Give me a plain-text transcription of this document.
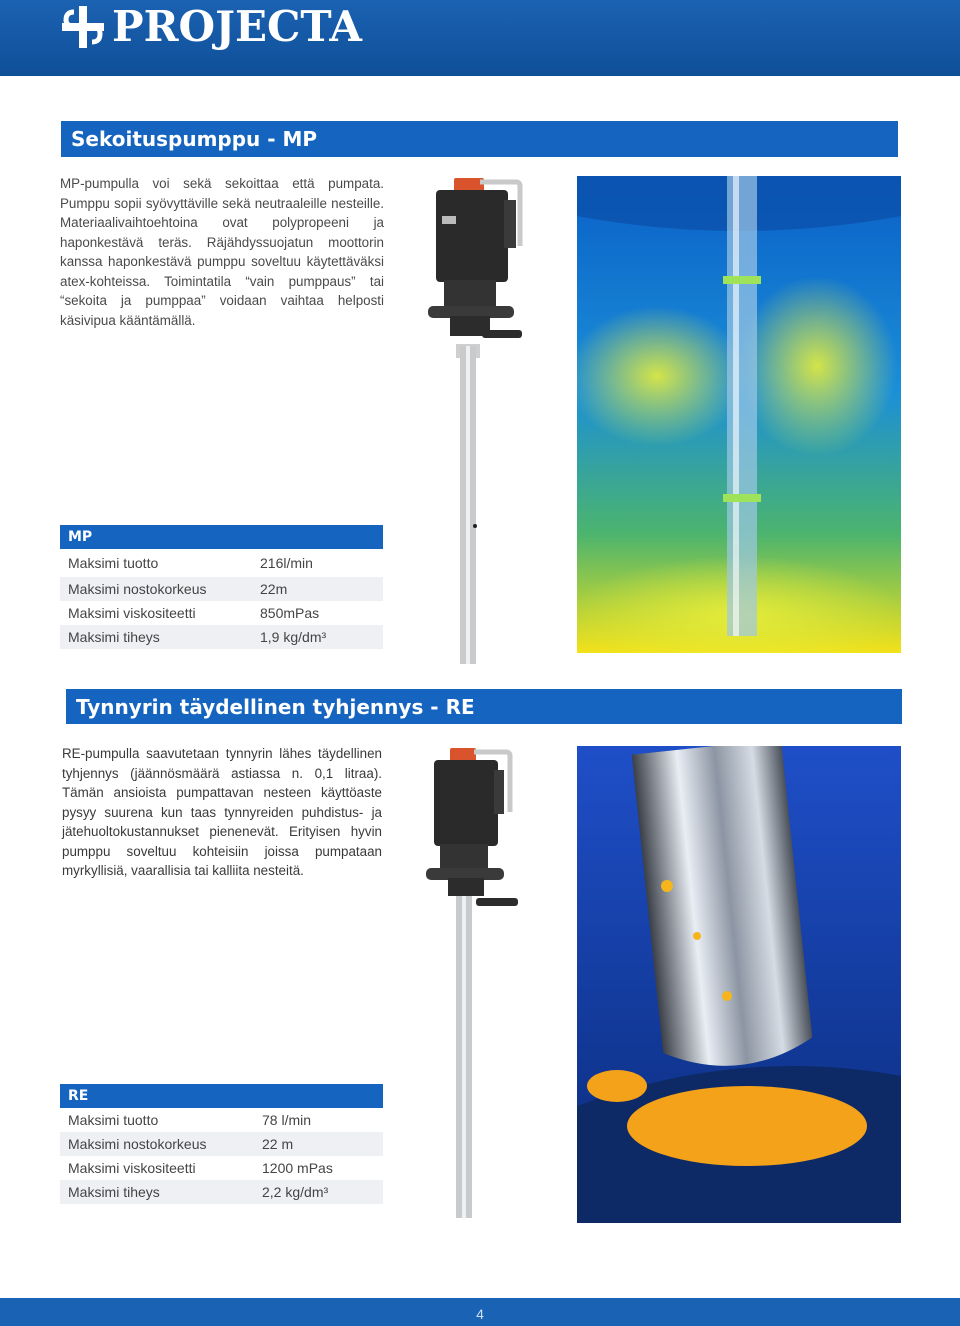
PROJECTA
Sekoituspumppu - MP
MP-pumpulla voi sekä sekoittaa että pumpata. Pumppu sopii syövyttäville sekä neutraaleille nesteille. Materiaalivaihtoehtoina ovat polypropeeni ja haponkestävä teräs. Räjähdyssuojatun moottorin kanssa haponkestävä pumppu soveltuu käytettäväksi atex-kohteissa. Toimintatila “vain pumppaus” tai “sekoita ja pumppaa” voidaan vaihtaa helposti käsivipua kääntämällä.
MP
Maksimi tuotto	216l/min
Maksimi nostokorkeus	22m
Maksimi viskositeetti	850mPas
Maksimi tiheys	1,9 kg/dm³
Tynnyrin täydellinen tyhjennys - RE
RE-pumpulla saavutetaan tynnyrin lähes täydellinen tyhjennys (jäännösmäärä astiassa n. 0,1 litraa). Tämän ansioista pumpattavan nesteen käyttöaste pysyy suurena kun taas tynnyreiden puhdistus- ja jätehuoltokustannukset pienenevät. Erityisen hyvin pumppu soveltuu kohteisiin joissa pumpataan myrkyllisiä, vaarallisia tai kalliita nesteitä.
RE
Maksimi tuotto	78 l/min
Maksimi nostokorkeus	22 m
Maksimi viskositeetti	1200 mPas
Maksimi tiheys	2,2 kg/dm³
4
